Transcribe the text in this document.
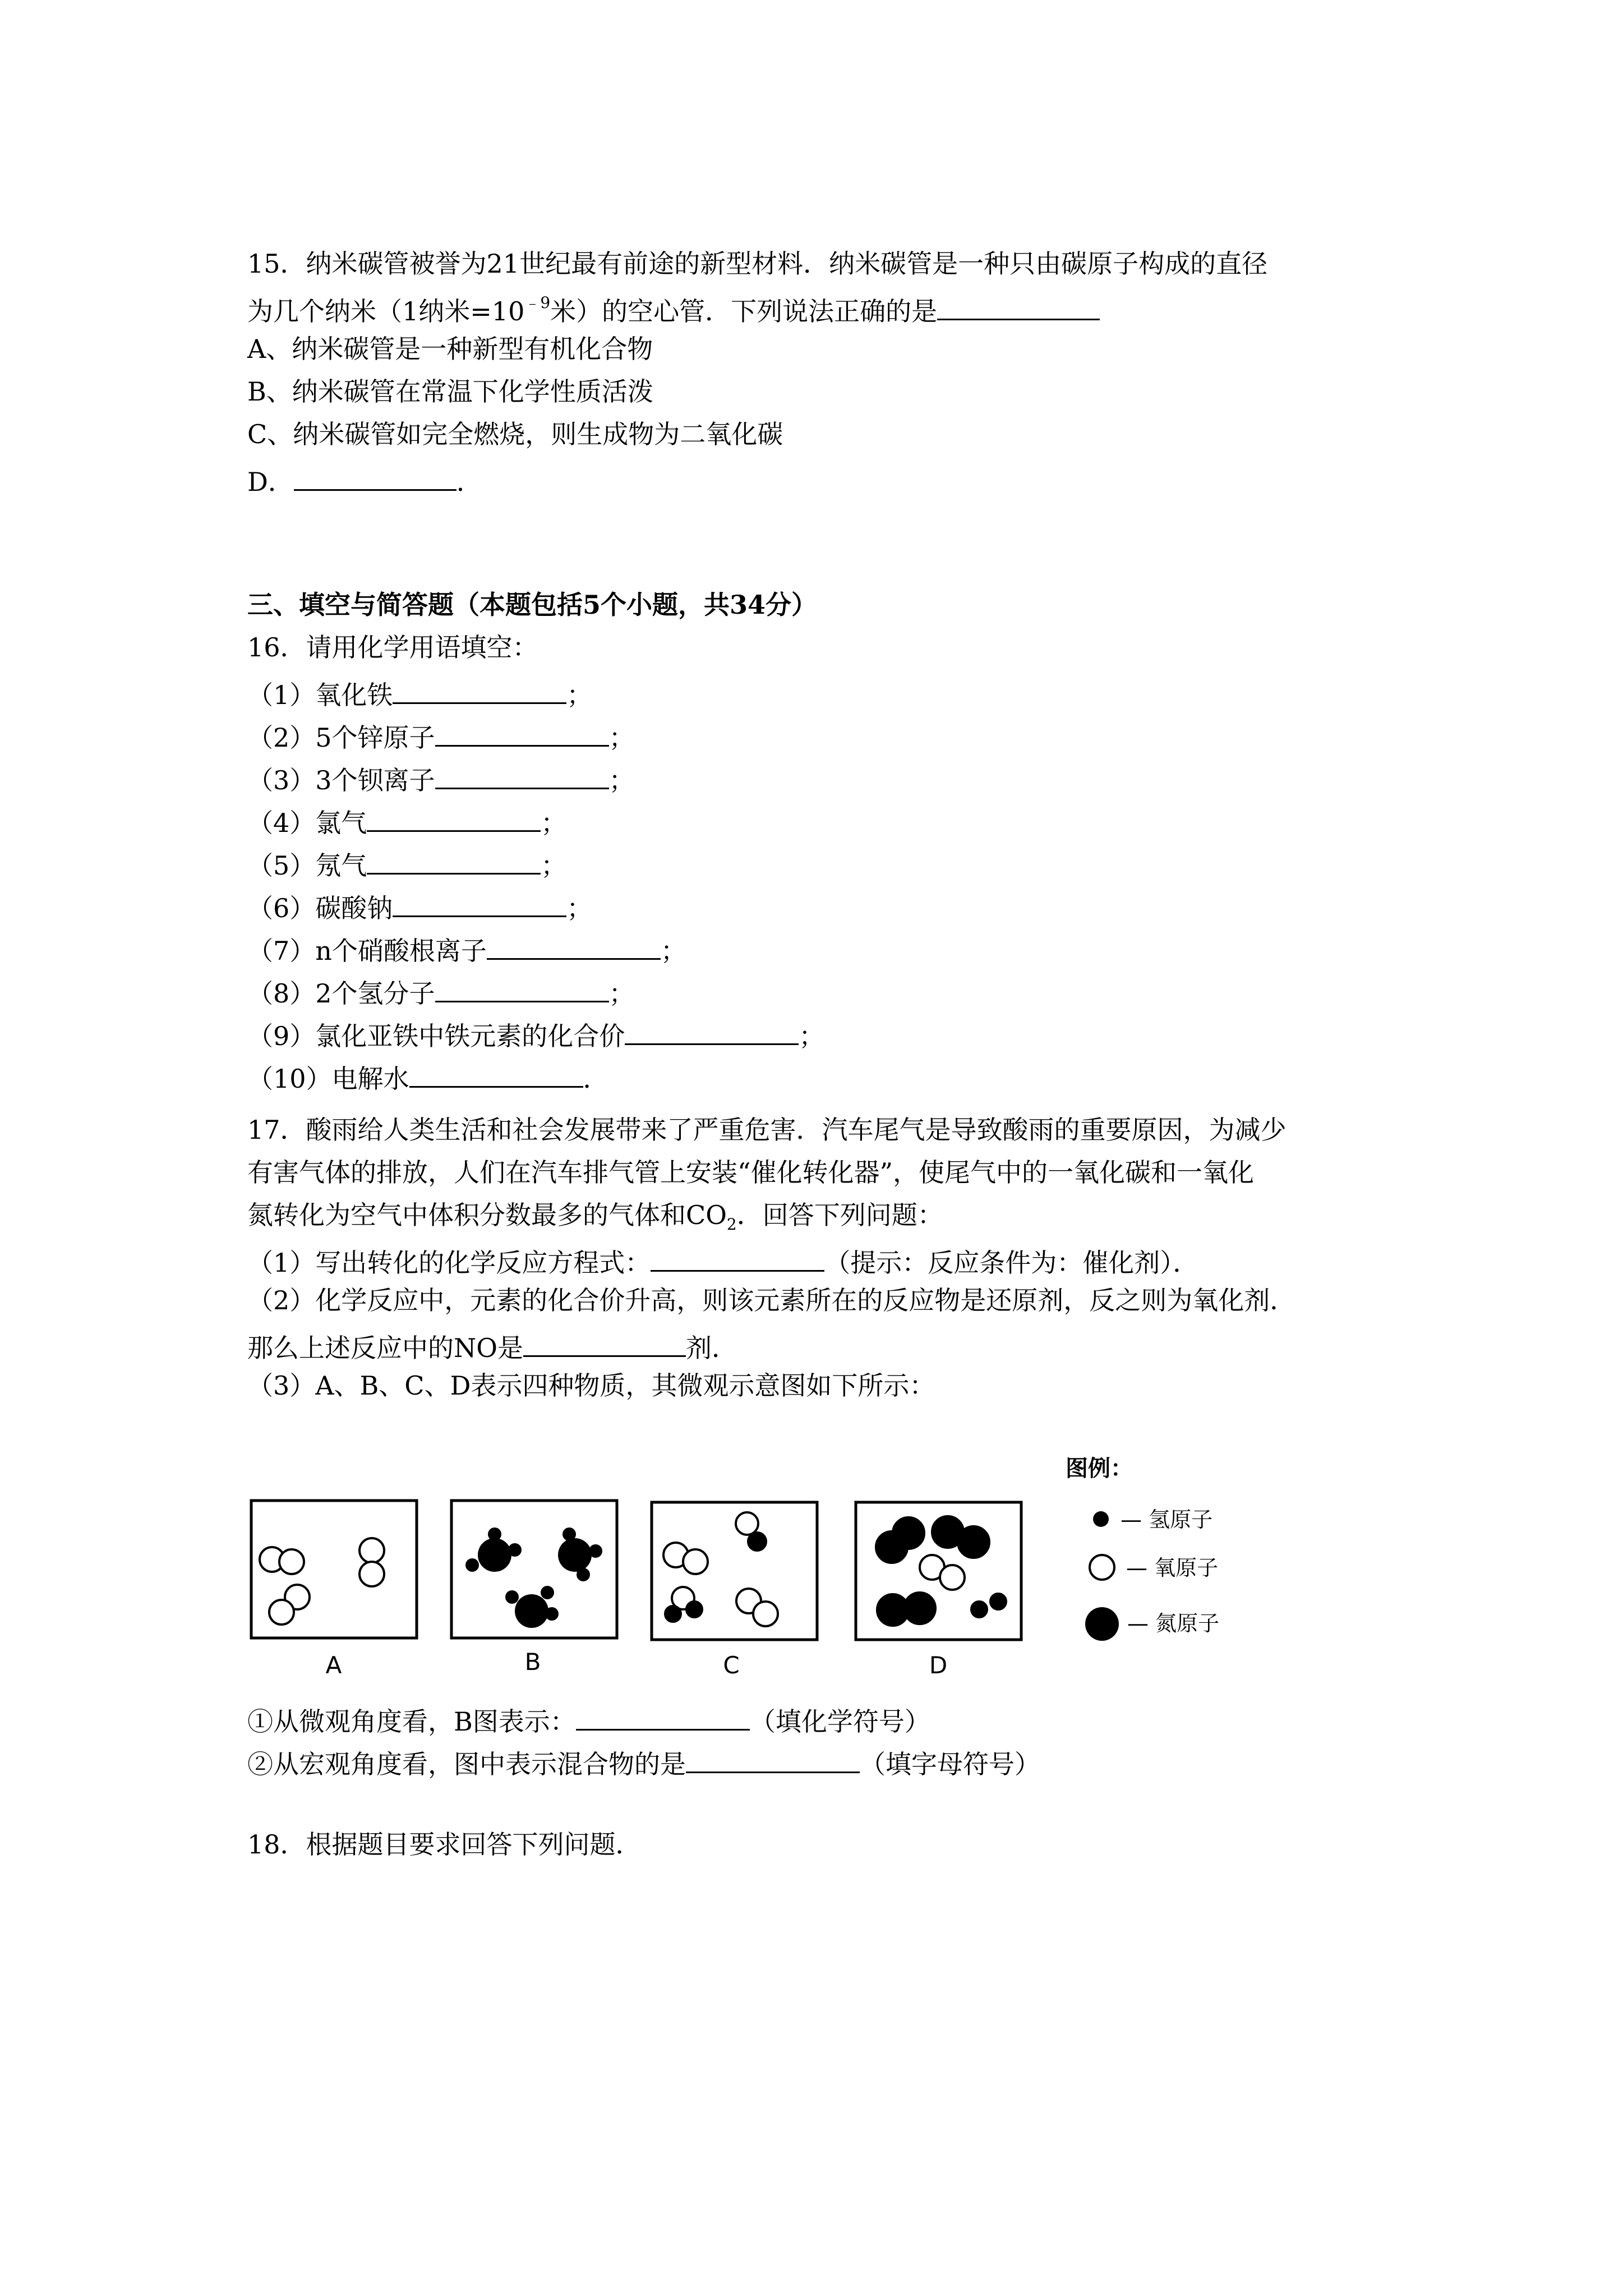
15．纳米碳管被誉为21世纪最有前途的新型材料．纳米碳管是一种只由碳原子构成的直径

为几个纳米（1纳米$=10^{﹣9}$米）的空心管．下列说法正确的是

A、纳米碳管是一种新型有机化合物

B、纳米碳管在常温下化学性质活泼

C、纳米碳管如完全燃烧，则生成物为二氧化碳

D．	．

三、填空与简答题（本题包括5个小题，共34分）

16．请用化学用语填空：

（1）氧化铁	；

（2）5个锌原子	；

（3）3个钡离子	；

（4）氯气	；

（5）氖气	；

（6）碳酸钠	；

（7）n个硝酸根离子	；

（8）2个氢分子	；

（9）氯化亚铁中铁元素的化合价	；

（10）电解水	．

17．酸雨给人类生活和社会发展带来了严重危害．汽车尾气是导致酸雨的重要原因，为减少

有害气体的排放，人们在汽车排气管上安装“催化转化器”，使尾气中的一氧化碳和一氧化

氮转化为空气中体积分数最多的气体和$CO_2$．回答下列问题：

（1）写出转化的化学反应方程式：	（提示：反应条件为：催化剂）．

（2）化学反应中，元素的化合价升高，则该元素所在的反应物是还原剂，反之则为氧化剂．

那么上述反应中的NO是	剂．

（3）A、B、C、D表示四种物质，其微观示意图如下所示：

A	B	C	D
图例：
— 氢原子
— 氧原子
— 氮原子

①从微观角度看，B图表示：	（填化学符号）

②从宏观角度看，图中表示混合物的是	（填字母符号）

18．根据题目要求回答下列问题．
